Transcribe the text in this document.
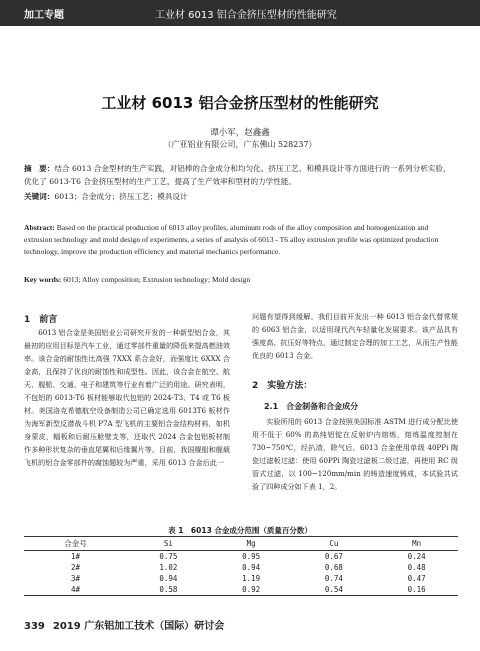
加工专题	工业材 6013 铝合金挤压型材的性能研究
工业材 6013 铝合金挤压型材的性能研究
谭小军，赵鑫鑫
（广亚铝业有限公司，广东佛山 528237）
摘　要：结合 6013 合金型材的生产实践，对铝棒的合金成分和均匀化、挤压工艺、和模具设计等方面进行的一系列分析实验，优化了 6013-T6 合金挤压型材的生产工艺，提高了生产效率和型材的力学性能。
关键词：6013；合金成分；挤压工艺；模具设计
Abstract: Based on the practical production of 6013 alloy profiles, aluminum rods of the alloy composition and homogenization and extrusion technology and mold design of experiments, a series of analysis of 6013 - T6 alloy extrusion profile was optimized production technology, improve the production efficiency and material mechanics performance.
Key words: 6013; Alloy composition; Extrusion technology; Mold design
1　前言

6013 铝合金是美国铝业公司研究开发的一种新型铝合金，其最初的应用目标是汽车工业，通过零部件重量的降低来提高燃油效率。该合金的耐蚀性比高强 7XXX 系合金好，而强度比 6XXX 合金高，且保持了优良的耐蚀性和成型性。因此，该合金在航空、航天、舰船、交通、电子和建筑等行业有着广泛的用途。研究表明，不包铝的 6013-T6 板材能够取代包铝的 2024-T3、T4 或 T6 板材。美国洛克希德航空设备制造公司已确定选用 6013T6 板材作为海军新型反潜战斗机 P7A 型飞机的主要铝合金结构材料，如机身蒙皮，幅板和后耐压舱壁支等，还取代 2024 合金包铝板材制作多种形状复杂的垂直尾翼和后缘翼片等。目前，我国舰船和舰载飞机的铝合金零部件的腐蚀题较为严重，采用 6013 合金后此一

问题有望得到缓解。我们目前开发出一种 6013 铝合金代替常规的 6063 铝合金，以适用现代汽车轻量化发展要求。该产品具有强度高、抗压好等特点，通过制定合理的加工工艺，从而生产性能优良的 6013 合金。

2　实验方法：
2.1　合金制备和合金成分

实验所用的 6013 合金按照美国标准 ASTM 进行成分配比使用不低于 60% 的高纯铝锭在反射炉内熔炼，熔炼温度控制在 730~750℃，经扒渣，除气后，6013 合金使用单级 40PPi 陶瓷过滤板过滤：使用 60PPi 陶瓷过滤板二级过滤，再使用 RC 级管式过滤，以 100~120mm/min 的铸造速度铸成，本试验共试验了四种成分如下表 1，2。

表 1　6013 合金成分范围（质量百分数）
合金号	Si	Mg	Cu	Mn
1#	0.75	0.95	0.67	0.24
2#	1.02	0.94	0.68	0.48
3#	0.94	1.19	0.74	0.47
4#	0.58	0.92	0.54	0.16
339 2019 广东铝加工技术（国际）研讨会
